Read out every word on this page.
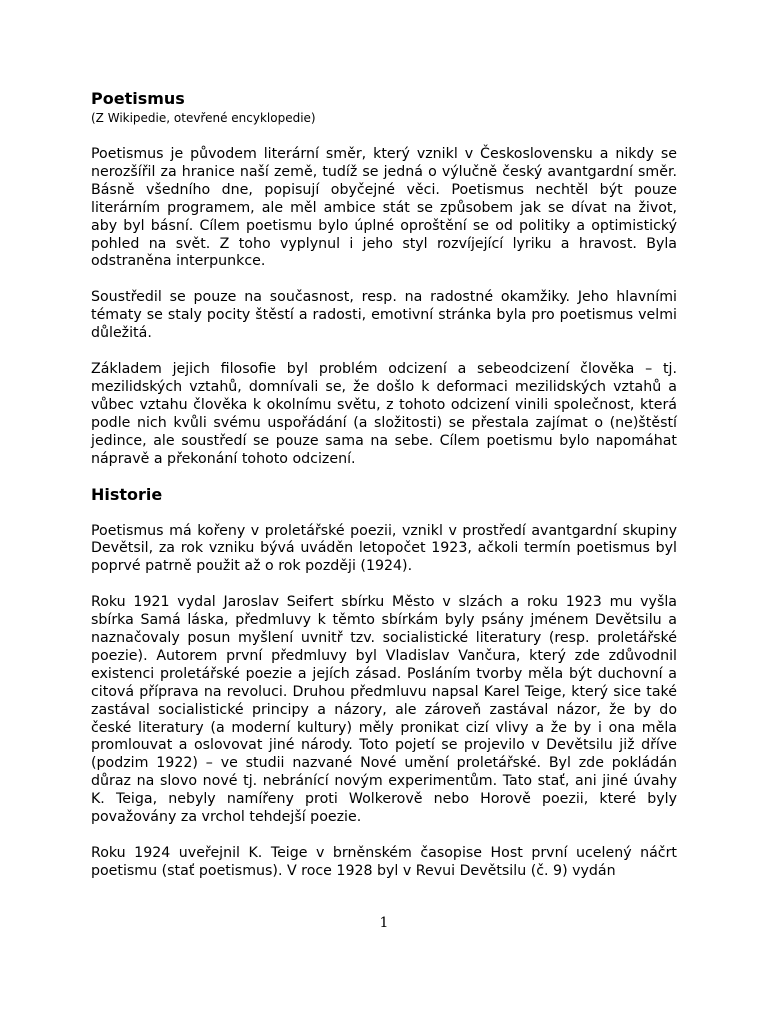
Poetismus
(Z Wikipedie, otevřené encyklopedie)

Poetismus je původem literární směr, který vznikl v Československu a nikdy se nerozšířil za hranice naší země, tudíž se jedná o výlučně český avantgardní směr. Básně všedního dne, popisují obyčejné věci. Poetismus nechtěl být pouze literárním programem, ale měl ambice stát se způsobem jak se dívat na život, aby byl básní. Cílem poetismu bylo úplné oproštění se od politiky a optimistický pohled na svět. Z toho vyplynul i jeho styl rozvíjející lyriku a hravost. Byla odstraněna interpunkce.

Soustředil se pouze na současnost, resp. na radostné okamžiky. Jeho hlavními tématy se staly pocity štěstí a radosti, emotivní stránka byla pro poetismus velmi důležitá.

Základem jejich filosofie byl problém odcizení a sebeodcizení člověka – tj. mezilidských vztahů, domnívali se, že došlo k deformaci mezilidských vztahů a vůbec vztahu člověka k okolnímu světu, z tohoto odcizení vinili společnost, která podle nich kvůli svému uspořádání (a složitosti) se přestala zajímat o (ne)štěstí jedince, ale soustředí se pouze sama na sebe. Cílem poetismu bylo napomáhat nápravě a překonání tohoto odcizení.

Historie

Poetismus má kořeny v proletářské poezii, vznikl v prostředí avantgardní skupiny Devětsil, za rok vzniku bývá uváděn letopočet 1923, ačkoli termín poetismus byl poprvé patrně použit až o rok později (1924).

Roku 1921 vydal Jaroslav Seifert sbírku Město v slzách a roku 1923 mu vyšla sbírka Samá láska, předmluvy k těmto sbírkám byly psány jménem Devětsilu a naznačovaly posun myšlení uvnitř tzv. socialistické literatury (resp. proletářské poezie). Autorem první předmluvy byl Vladislav Vančura, který zde zdůvodnil existenci proletářské poezie a jejích zásad. Posláním tvorby měla být duchovní a citová příprava na revoluci. Druhou předmluvu napsal Karel Teige, který sice také zastával socialistické principy a názory, ale zároveň zastával názor, že by do české literatury (a moderní kultury) měly pronikat cizí vlivy a že by i ona měla promlouvat a oslovovat jiné národy. Toto pojetí se projevilo v Devětsilu již dříve (podzim 1922) – ve studii nazvané Nové umění proletářské. Byl zde pokládán důraz na slovo nové tj. nebránící novým experimentům. Tato stať, ani jiné úvahy K. Teiga, nebyly namířeny proti Wolkerově nebo Horově poezii, které byly považovány za vrchol tehdejší poezie.

Roku 1924 uveřejnil K. Teige v brněnském časopise Host první ucelený náčrt poetismu (stať poetismus). V roce 1928 byl v Revui Devětsilu (č. 9) vydán

1
